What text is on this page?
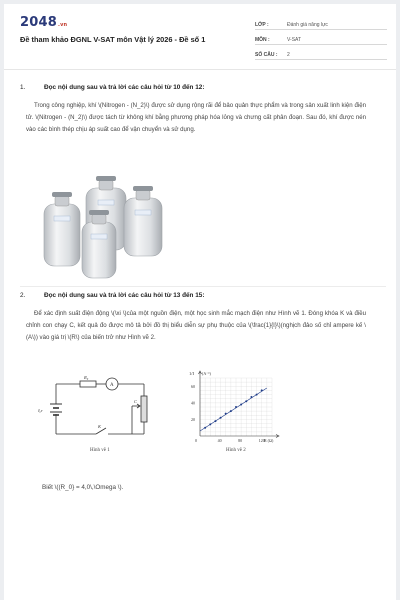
2048.vn
Đề tham khảo ĐGNL V-SAT môn Vật lý 2026 - Đề số 1
LỚP :	Đánh giá năng lực
MÔN :	V-SAT
SỐ CÂU :	2
1.	Đọc nội dung sau và trả lời các câu hỏi từ 10 đến 12:

Trong công nghiệp, khí \(Nitrogen - (N_2)\) được sử dụng rộng rãi để bảo quản thực phẩm và trong sản xuất linh kiện điện tử. \(Nitrogen - (N_2)\) được tách từ không khí bằng phương pháp hóa lỏng và chưng cất phân đoạn. Sau đó, khí được nén vào các bình thép chịu áp suất cao để vận chuyển và sử dụng.

2.	Đọc nội dung sau và trả lời các câu hỏi từ 13 đến 15:

Để xác định suất điện động \(\xi \)của một nguồn điện, một học sinh mắc mạch điện như Hình vẽ 1. Đóng khóa K và điều chỉnh con chạy C, kết quả đo được mô tả bởi đồ thị biểu diễn sự phụ thuộc của \(\frac{1}{I}\)(nghịch đảo số chỉ ampere kế \(A\)) vào giá trị \(R\) của biến trở như Hình vẽ 2.

R₀
A
ξ,r
K
C
Hình vẽ 1
40	80	120
20
40
60
1/I (A⁻¹)
R (Ω)
0
Hình vẽ 2
Biết \((R_0} = 4,0\,\Omega \).
